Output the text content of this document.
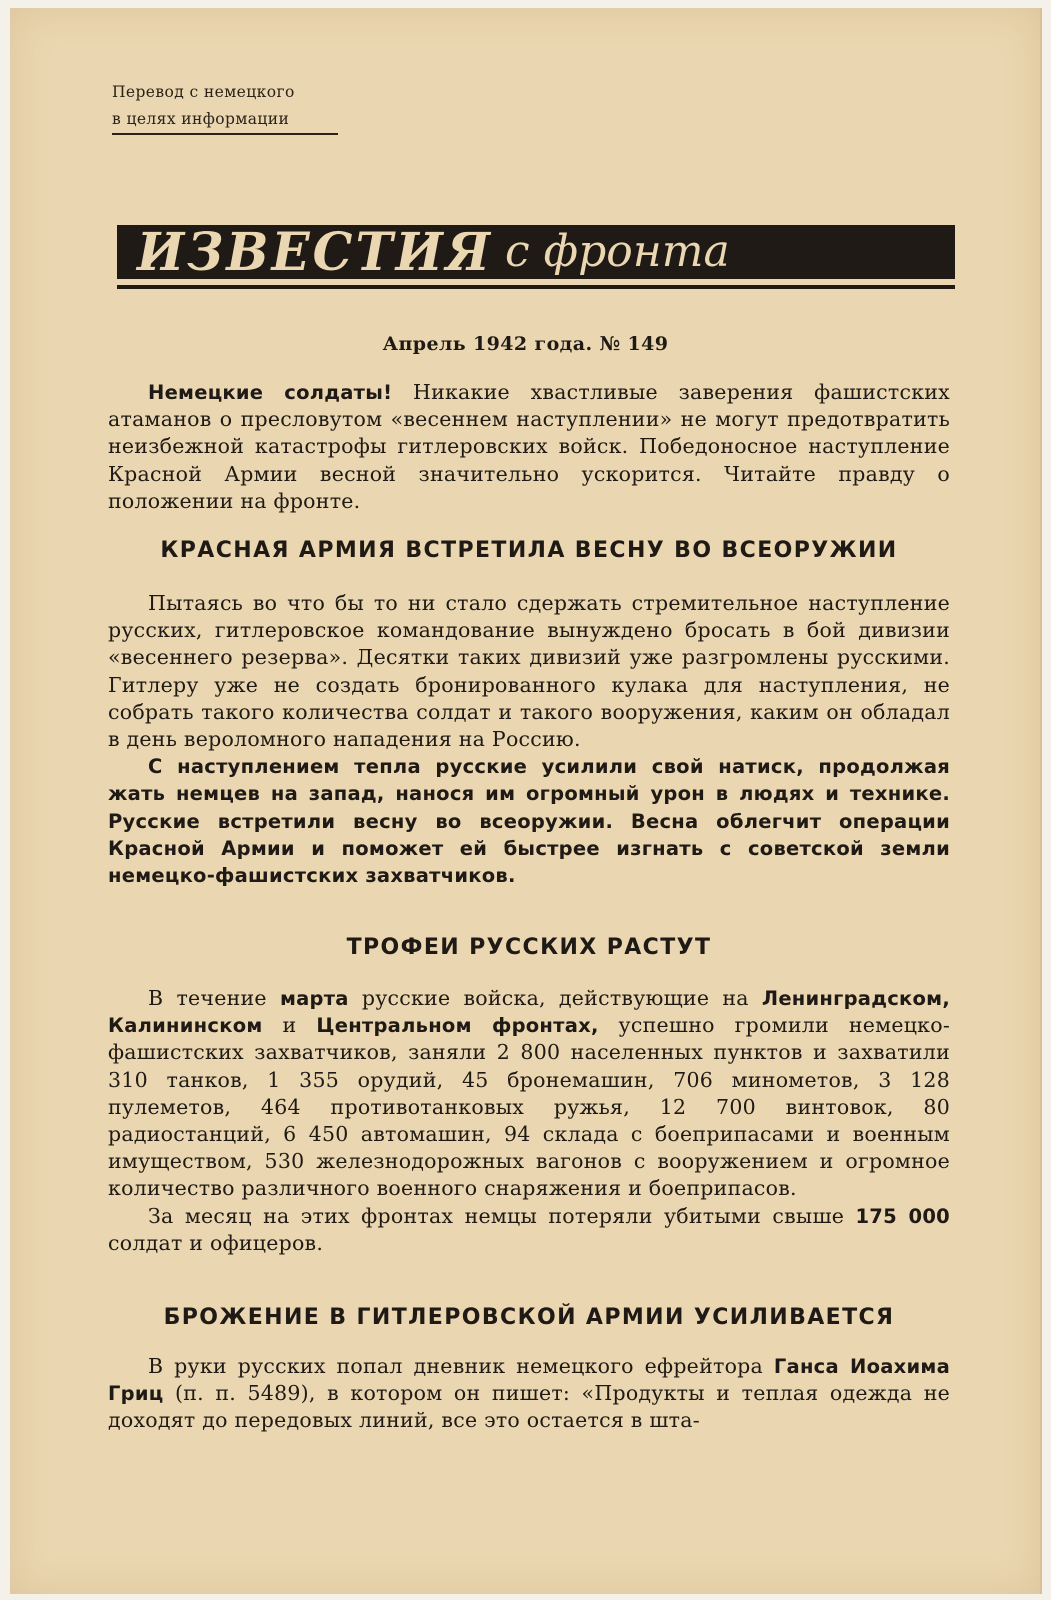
Перевод с немецкого
в целях информации
ИЗВЕСТИЯ с фронта
Апрель 1942 года. № 149

Немецкие солдаты! Никакие хвастливые заверения фашистских атаманов о пресловутом «весеннем наступлении» не могут предотвратить неизбежной катастрофы гитлеровских войск. Победоносное наступление Красной Армии весной значительно ускорится. Читайте правду о положении на фронте.

КРАСНАЯ АРМИЯ ВСТРЕТИЛА ВЕСНУ ВО ВСЕОРУЖИИ

Пытаясь во что бы то ни стало сдержать стремительное наступление русских, гитлеровское командование вынуждено бросать в бой дивизии «весеннего резерва». Десятки таких дивизий уже разгромлены русскими. Гитлеру уже не создать бронированного кулака для наступления, не собрать такого количества солдат и такого вооружения, каким он обладал в день вероломного нападения на Россию.

С наступлением тепла русские усилили свой натиск, продолжая жать немцев на запад, нанося им огромный урон в людях и технике. Русские встретили весну во всеоружии. Весна облегчит операции Красной Армии и поможет ей быстрее изгнать с советской земли немецко-фашистских захватчиков.

ТРОФЕИ РУССКИХ РАСТУТ

В течение марта русские войска, действующие на Ленинградском, Калининском и Центральном фронтах, успешно громили немецко-фашистских захватчиков, заняли 2 800 населенных пунктов и захватили 310 танков, 1 355 орудий, 45 бронемашин, 706 минометов, 3 128 пулеметов, 464 противотанковых ружья, 12 700 винтовок, 80 радиостанций, 6 450 автомашин, 94 склада с боеприпасами и военным имуществом, 530 железнодорожных вагонов с вооружением и огромное количество различного военного снаряжения и боеприпасов.

За месяц на этих фронтах немцы потеряли убитыми свыше 175 000 солдат и офицеров.

БРОЖЕНИЕ В ГИТЛЕРОВСКОЙ АРМИИ УСИЛИВАЕТСЯ

В руки русских попал дневник немецкого ефрейтора Ганса Иоахима Гриц (п. п. 5489), в котором он пишет: «Продукты и теплая одежда не доходят до передовых линий, все это остается в шта-
